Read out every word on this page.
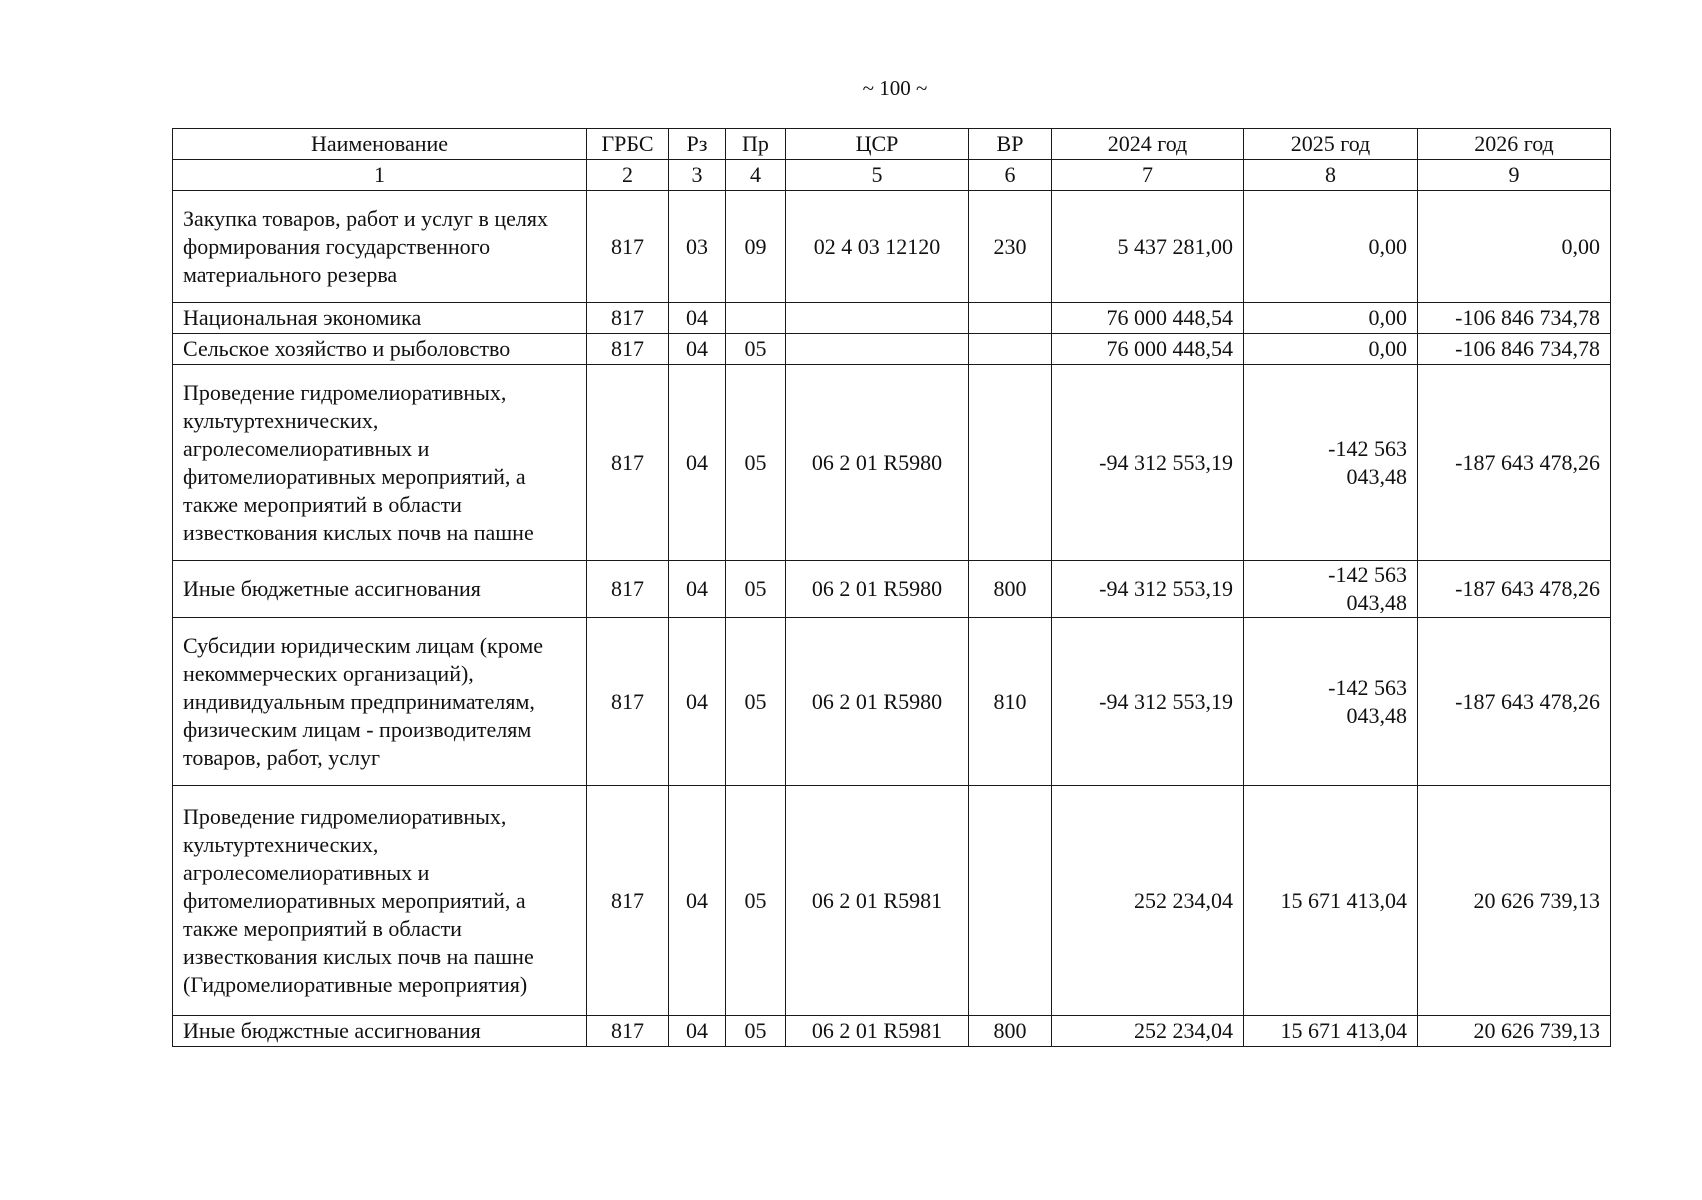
~ 100 ~
Наименование	ГРБС	Рз	Пр	ЦСР	ВР	2024 год	2025 год	2026 год
1	2	3	4	5	6	7	8	9
Закупка товаров, работ и услуг в целях формирования государственного материального резерва	817	03	09	02 4 03 12120	230	5 437 281,00	0,00	0,00
Национальная экономика	817	04				76 000 448,54	0,00	-106 846 734,78
Сельское хозяйство и рыболовство	817	04	05			76 000 448,54	0,00	-106 846 734,78
Проведение гидромелиоративных, культуртехнических, агролесомелиоративных и фитомелиоративных мероприятий, а также мероприятий в области известкования кислых почв на пашне	817	04	05	06 2 01 R5980		-94 312 553,19	-142 563 043,48	-187 643 478,26
Иные бюджетные ассигнования	817	04	05	06 2 01 R5980	800	-94 312 553,19	-142 563 043,48	-187 643 478,26
Субсидии юридическим лицам (кроме некоммерческих организаций), индивидуальным предпринимателям, физическим лицам - производителям товаров, работ, услуг	817	04	05	06 2 01 R5980	810	-94 312 553,19	-142 563 043,48	-187 643 478,26
Проведение гидромелиоративных, культуртехнических, агролесомелиоративных и фитомелиоративных мероприятий, а также мероприятий в области известкования кислых почв на пашне (Гидромелиоративные мероприятия)	817	04	05	06 2 01 R5981		252 234,04	15 671 413,04	20 626 739,13
Иные бюджстные ассигнования	817	04	05	06 2 01 R5981	800	252 234,04	15 671 413,04	20 626 739,13
